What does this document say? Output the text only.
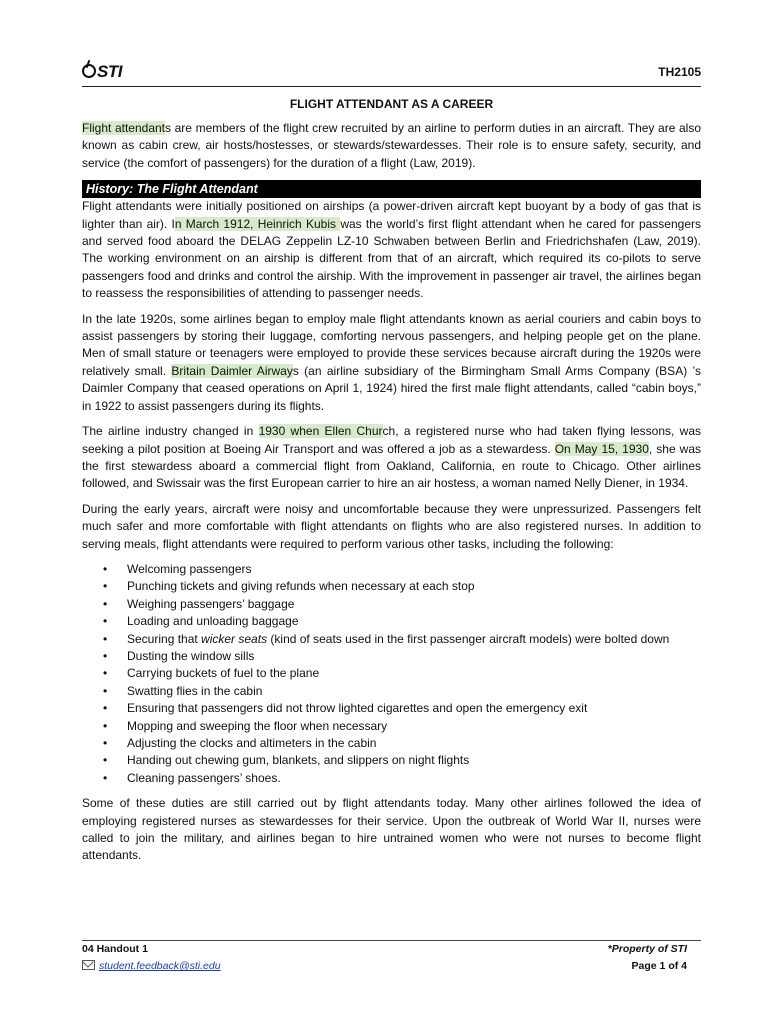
STI	TH2105
FLIGHT ATTENDANT AS A CAREER

Flight attendants are members of the flight crew recruited by an airline to perform duties in an aircraft. They are also known as cabin crew, air hosts/hostesses, or stewards/stewardesses. Their role is to ensure safety, security, and service (the comfort of passengers) for the duration of a flight (Law, 2019).

History: The Flight Attendant

Flight attendants were initially positioned on airships (a power-driven aircraft kept buoyant by a body of gas that is lighter than air). In March 1912, Heinrich Kubis was the world’s first flight attendant when he cared for passengers and served food aboard the DELAG Zeppelin LZ-10 Schwaben between Berlin and Friedrichshafen (Law, 2019). The working environment on an airship is different from that of an aircraft, which required its co-pilots to serve passengers food and drinks and control the airship. With the improvement in passenger air travel, the airlines began to reassess the responsibilities of attending to passenger needs.

In the late 1920s, some airlines began to employ male flight attendants known as aerial couriers and cabin boys to assist passengers by storing their luggage, comforting nervous passengers, and helping people get on the plane. Men of small stature or teenagers were employed to provide these services because aircraft during the 1920s were relatively small. Britain Daimler Airways (an airline subsidiary of the Birmingham Small Arms Company (BSA) ’s Daimler Company that ceased operations on April 1, 1924) hired the first male flight attendants, called “cabin boys,” in 1922 to assist passengers during its flights.

The airline industry changed in 1930 when Ellen Church, a registered nurse who had taken flying lessons, was seeking a pilot position at Boeing Air Transport and was offered a job as a stewardess. On May 15, 1930, she was the first stewardess aboard a commercial flight from Oakland, California, en route to Chicago. Other airlines followed, and Swissair was the first European carrier to hire an air hostess, a woman named Nelly Diener, in 1934.

During the early years, aircraft were noisy and uncomfortable because they were unpressurized. Passengers felt much safer and more comfortable with flight attendants on flights who are also registered nurses. In addition to serving meals, flight attendants were required to perform various other tasks, including the following:

• Welcoming passengers
• Punching tickets and giving refunds when necessary at each stop
• Weighing passengers’ baggage
• Loading and unloading baggage
• Securing that wicker seats (kind of seats used in the first passenger aircraft models) were bolted down
• Dusting the window sills
• Carrying buckets of fuel to the plane
• Swatting flies in the cabin
• Ensuring that passengers did not throw lighted cigarettes and open the emergency exit
• Mopping and sweeping the floor when necessary
• Adjusting the clocks and altimeters in the cabin
• Handing out chewing gum, blankets, and slippers on night flights
• Cleaning passengers’ shoes.

Some of these duties are still carried out by flight attendants today. Many other airlines followed the idea of employing registered nurses as stewardesses for their service. Upon the outbreak of World War II, nurses were called to join the military, and airlines began to hire untrained women who were not nurses to become flight attendants.

04 Handout 1	*Property of STI
student.feedback@sti.edu	Page 1 of 4
